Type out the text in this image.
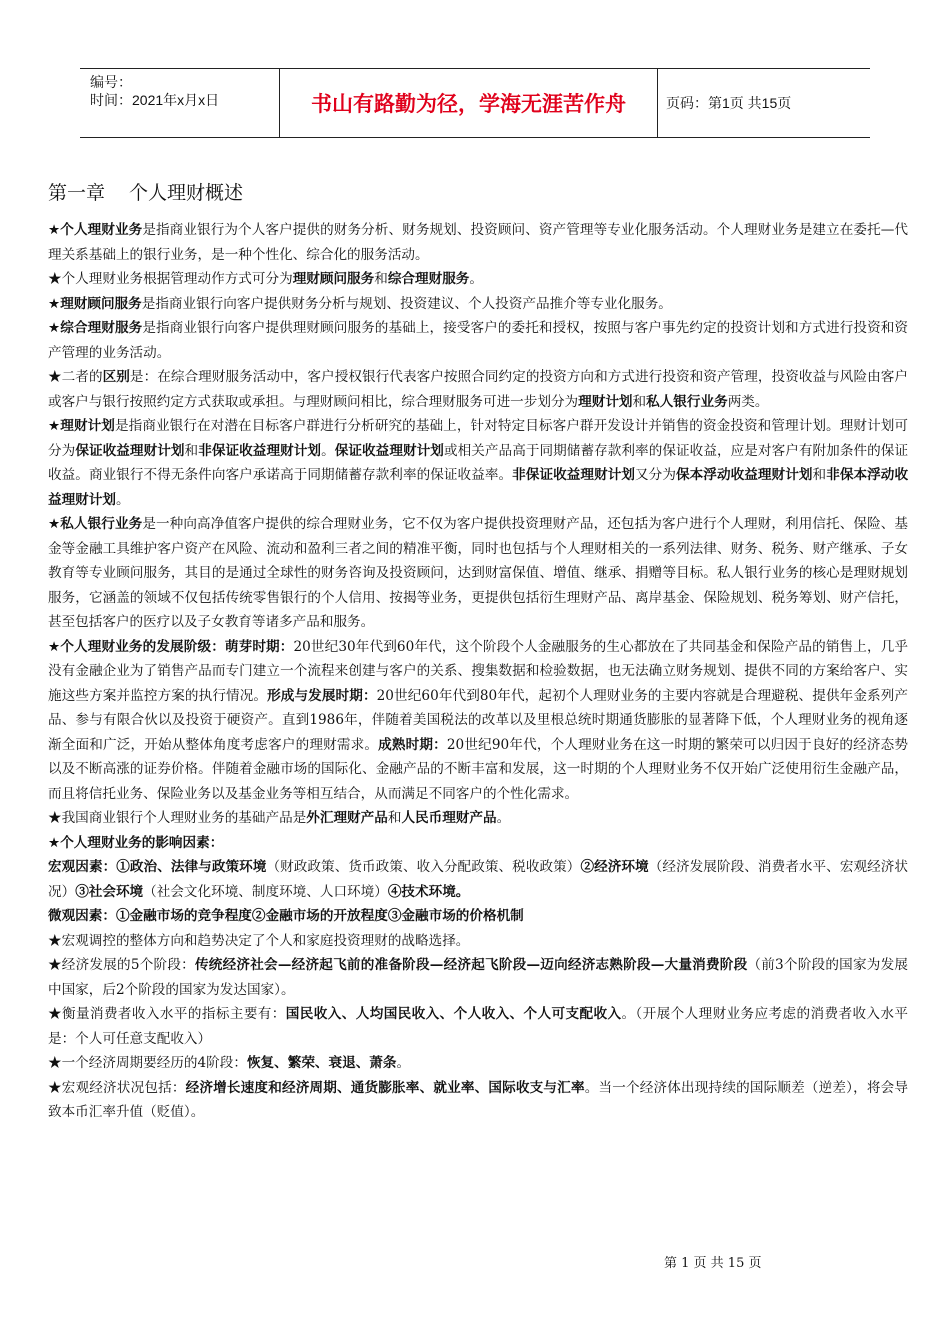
编号：
时间：2021年x月x日	书山有路勤为径，学海无涯苦作舟	页码：第1页 共15页
第一章 个人理财概述

★个人理财业务是指商业银行为个人客户提供的财务分析、财务规划、投资顾问、资产管理等专业化服务活动。个人理财业务是建立在委托—代理关系基础上的银行业务，是一种个性化、综合化的服务活动。

★个人理财业务根据管理动作方式可分为理财顾问服务和综合理财服务。

★理财顾问服务是指商业银行向客户提供财务分析与规划、投资建议、个人投资产品推介等专业化服务。

★综合理财服务是指商业银行向客户提供理财顾问服务的基础上，接受客户的委托和授权，按照与客户事先约定的投资计划和方式进行投资和资产管理的业务活动。

★二者的区别是：在综合理财服务活动中，客户授权银行代表客户按照合同约定的投资方向和方式进行投资和资产管理，投资收益与风险由客户或客户与银行按照约定方式获取或承担。与理财顾问相比，综合理财服务可进一步划分为理财计划和私人银行业务两类。

★理财计划是指商业银行在对潜在目标客户群进行分析研究的基础上，针对特定目标客户群开发设计并销售的资金投资和管理计划。理财计划可分为保证收益理财计划和非保证收益理财计划。保证收益理财计划或相关产品高于同期储蓄存款利率的保证收益，应是对客户有附加条件的保证收益。商业银行不得无条件向客户承诺高于同期储蓄存款利率的保证收益率。非保证收益理财计划又分为保本浮动收益理财计划和非保本浮动收益理财计划。

★私人银行业务是一种向高净值客户提供的综合理财业务，它不仅为客户提供投资理财产品，还包括为客户进行个人理财，利用信托、保险、基金等金融工具维护客户资产在风险、流动和盈利三者之间的精准平衡，同时也包括与个人理财相关的一系列法律、财务、税务、财产继承、子女教育等专业顾问服务，其目的是通过全球性的财务咨询及投资顾问，达到财富保值、增值、继承、捐赠等目标。私人银行业务的核心是理财规划服务，它涵盖的领域不仅包括传统零售银行的个人信用、按揭等业务，更提供包括衍生理财产品、离岸基金、保险规划、税务筹划、财产信托，甚至包括客户的医疗以及子女教育等诸多产品和服务。

★个人理财业务的发展阶级：萌芽时期：20世纪30年代到60年代，这个阶段个人金融服务的生心都放在了共同基金和保险产品的销售上，几乎没有金融企业为了销售产品而专门建立一个流程来创建与客户的关系、搜集数据和检验数据，也无法确立财务规划、提供不同的方案给客户、实施这些方案并监控方案的执行情况。形成与发展时期：20世纪60年代到80年代，起初个人理财业务的主要内容就是合理避税、提供年金系列产品、参与有限合伙以及投资于硬资产。直到1986年，伴随着美国税法的改革以及里根总统时期通货膨胀的显著降下低，个人理财业务的视角逐渐全面和广泛，开始从整体角度考虑客户的理财需求。成熟时期：20世纪90年代，个人理财业务在这一时期的繁荣可以归因于良好的经济态势以及不断高涨的证券价格。伴随着金融市场的国际化、金融产品的不断丰富和发展，这一时期的个人理财业务不仅开始广泛使用衍生金融产品，而且将信托业务、保险业务以及基金业务等相互结合，从而满足不同客户的个性化需求。

★我国商业银行个人理财业务的基础产品是外汇理财产品和人民币理财产品。

★个人理财业务的影响因素：

宏观因素：①政治、法律与政策环境（财政政策、货币政策、收入分配政策、税收政策）②经济环境（经济发展阶段、消费者水平、宏观经济状况）③社会环境（社会文化环境、制度环境、人口环境）④技术环境。

微观因素：①金融市场的竞争程度②金融市场的开放程度③金融市场的价格机制

★宏观调控的整体方向和趋势决定了个人和家庭投资理财的战略选择。

★经济发展的5个阶段：传统经济社会—经济起飞前的准备阶段—经济起飞阶段—迈向经济志熟阶段—大量消费阶段（前3个阶段的国家为发展中国家，后2个阶段的国家为发达国家）。

★衡量消费者收入水平的指标主要有：国民收入、人均国民收入、个人收入、个人可支配收入。（开展个人理财业务应考虑的消费者收入水平是：个人可任意支配收入）

★一个经济周期要经历的4阶段：恢复、繁荣、衰退、萧条。

★宏观经济状况包括：经济增长速度和经济周期、通货膨胀率、就业率、国际收支与汇率。当一个经济体出现持续的国际顺差（逆差），将会导致本币汇率升值（贬值）。

第 1 页 共 15 页
